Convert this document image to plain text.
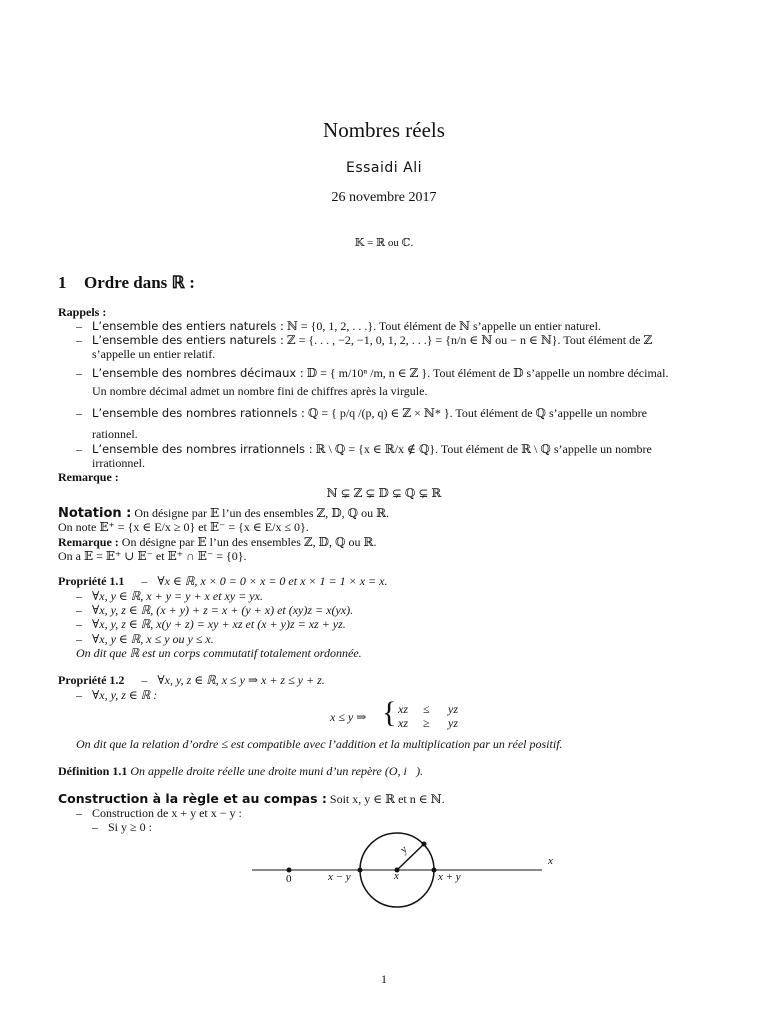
Nombres réels
Essaidi Ali
26 novembre 2017
𝕂 = ℝ ou ℂ.
1 Ordre dans ℝ :
Rappels :
– L’ensemble des entiers naturels : ℕ = {0, 1, 2, . . .}. Tout élément de ℕ s’appelle un entier naturel.
– L’ensemble des entiers naturels : ℤ = {. . . , −2, −1, 0, 1, 2, . . .} = {n/n ∈ ℕ ou − n ∈ ℕ}. Tout élément de ℤ
s’appelle un entier relatif.
– L’ensemble des nombres décimaux : 𝔻 = { m/10ⁿ /m, n ∈ ℤ }. Tout élément de 𝔻 s’appelle un nombre décimal.
Un nombre décimal admet un nombre fini de chiffres après la virgule.
– L’ensemble des nombres rationnels : ℚ = { p/q /(p, q) ∈ ℤ × ℕ* }. Tout élément de ℚ s’appelle un nombre
rationnel.
– L’ensemble des nombres irrationnels : ℝ \ ℚ = {x ∈ ℝ/x ∉ ℚ}. Tout élément de ℝ \ ℚ s’appelle un nombre
irrationnel.
Remarque :
ℕ ⊊ ℤ ⊊ 𝔻 ⊊ ℚ ⊊ ℝ
Notation : On désigne par 𝔼 l’un des ensembles ℤ, 𝔻, ℚ ou ℝ.
On note 𝔼⁺ = {x ∈ E/x ≥ 0} et 𝔼⁻ = {x ∈ E/x ≤ 0}.
Remarque : On désigne par 𝔼 l’un des ensembles ℤ, 𝔻, ℚ ou ℝ.
On a 𝔼 = 𝔼⁺ ∪ 𝔼⁻ et 𝔼⁺ ∩ 𝔼⁻ = {0}.
Propriété 1.1 – ∀x ∈ ℝ, x × 0 = 0 × x = 0 et x × 1 = 1 × x = x.
– ∀x, y ∈ ℝ, x + y = y + x et xy = yx.
– ∀x, y, z ∈ ℝ, (x + y) + z = x + (y + x) et (xy)z = x(yx).
– ∀x, y, z ∈ ℝ, x(y + z) = xy + xz et (x + y)z = xz + yz.
– ∀x, y ∈ ℝ, x ≤ y ou y ≤ x.
On dit que ℝ est un corps commutatif totalement ordonnée.
Propriété 1.2 – ∀x, y, z ∈ ℝ, x ≤ y ⇒ x + z ≤ y + z.
– ∀x, y, z ∈ ℝ :
x ≤ y ⇒ { xz ≤ yz
xz ≥ yz
On dit que la relation d’ordre ≤ est compatible avec l’addition et la multiplication par un réel positif.
Définition 1.1 On appelle droite réelle une droite muni d’un repère (O, i⃗).
Construction à la règle et au compas : Soit x, y ∈ ℝ et n ∈ ℕ.
– Construction de x + y et x − y :
– Si y ≥ 0 :
0	x − y	x	x + y
x
y
1
